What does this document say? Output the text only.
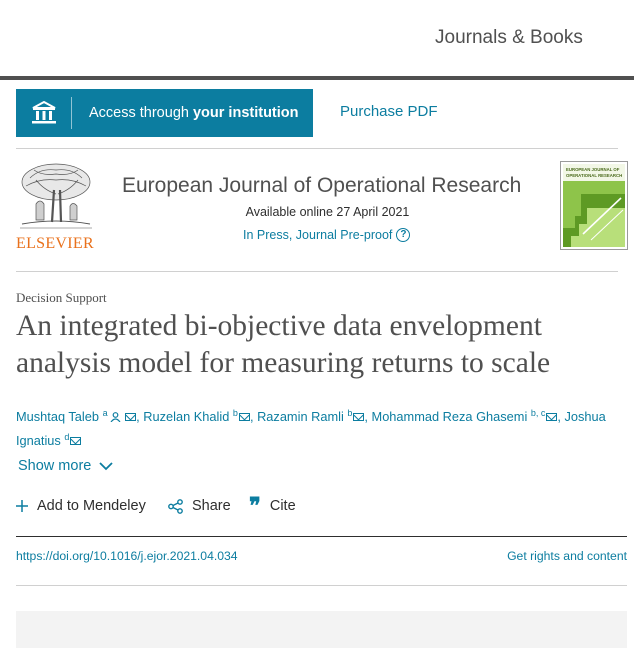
Journals & Books
Access through your institution	Purchase PDF
ELSEVIER
European Journal of Operational Research
Available online 27 April 2021
In Press, Journal Pre-proof ?
EUROPEAN JOURNAL OF
OPERATIONAL RESEARCH
Decision Support
An integrated bi-objective data envelopment analysis model for measuring returns to scale
Mushtaq Taleb $^a$ , Ruzelan Khalid $^b$ , Razamin Ramli $^b$ , Mohammad Reza Ghasemi $^{b, c}$ , Joshua Ignatius $^d$
Show more
Add to Mendeley	Share ❞ Cite
https://doi.org/10.1016/j.ejor.2021.04.034	Get rights and content
